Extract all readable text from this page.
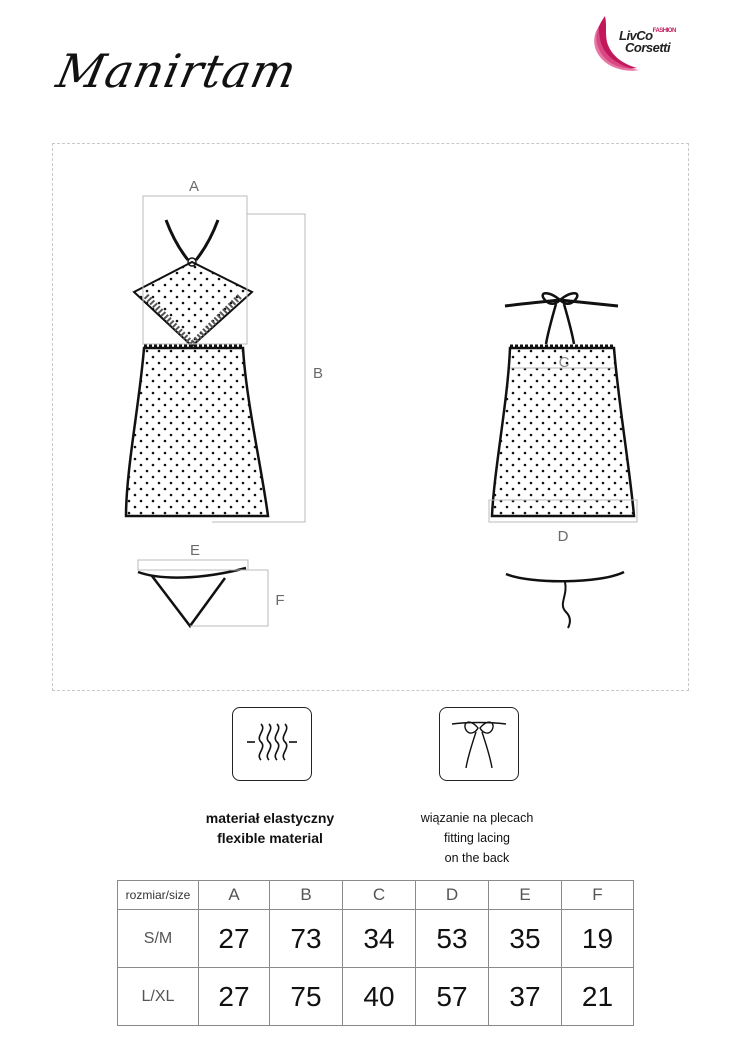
LivCo$^{FASHION}$
Corsetti
Manirtam
A
B
E
F
C
D
materiał elastyczny
flexible material
wiązanie na plecach
fitting lacing
on the back
rozmiar/size	A	B	C	D	E	F
S/M	27	73	34	53	35	19
L/XL	27	75	40	57	37	21
